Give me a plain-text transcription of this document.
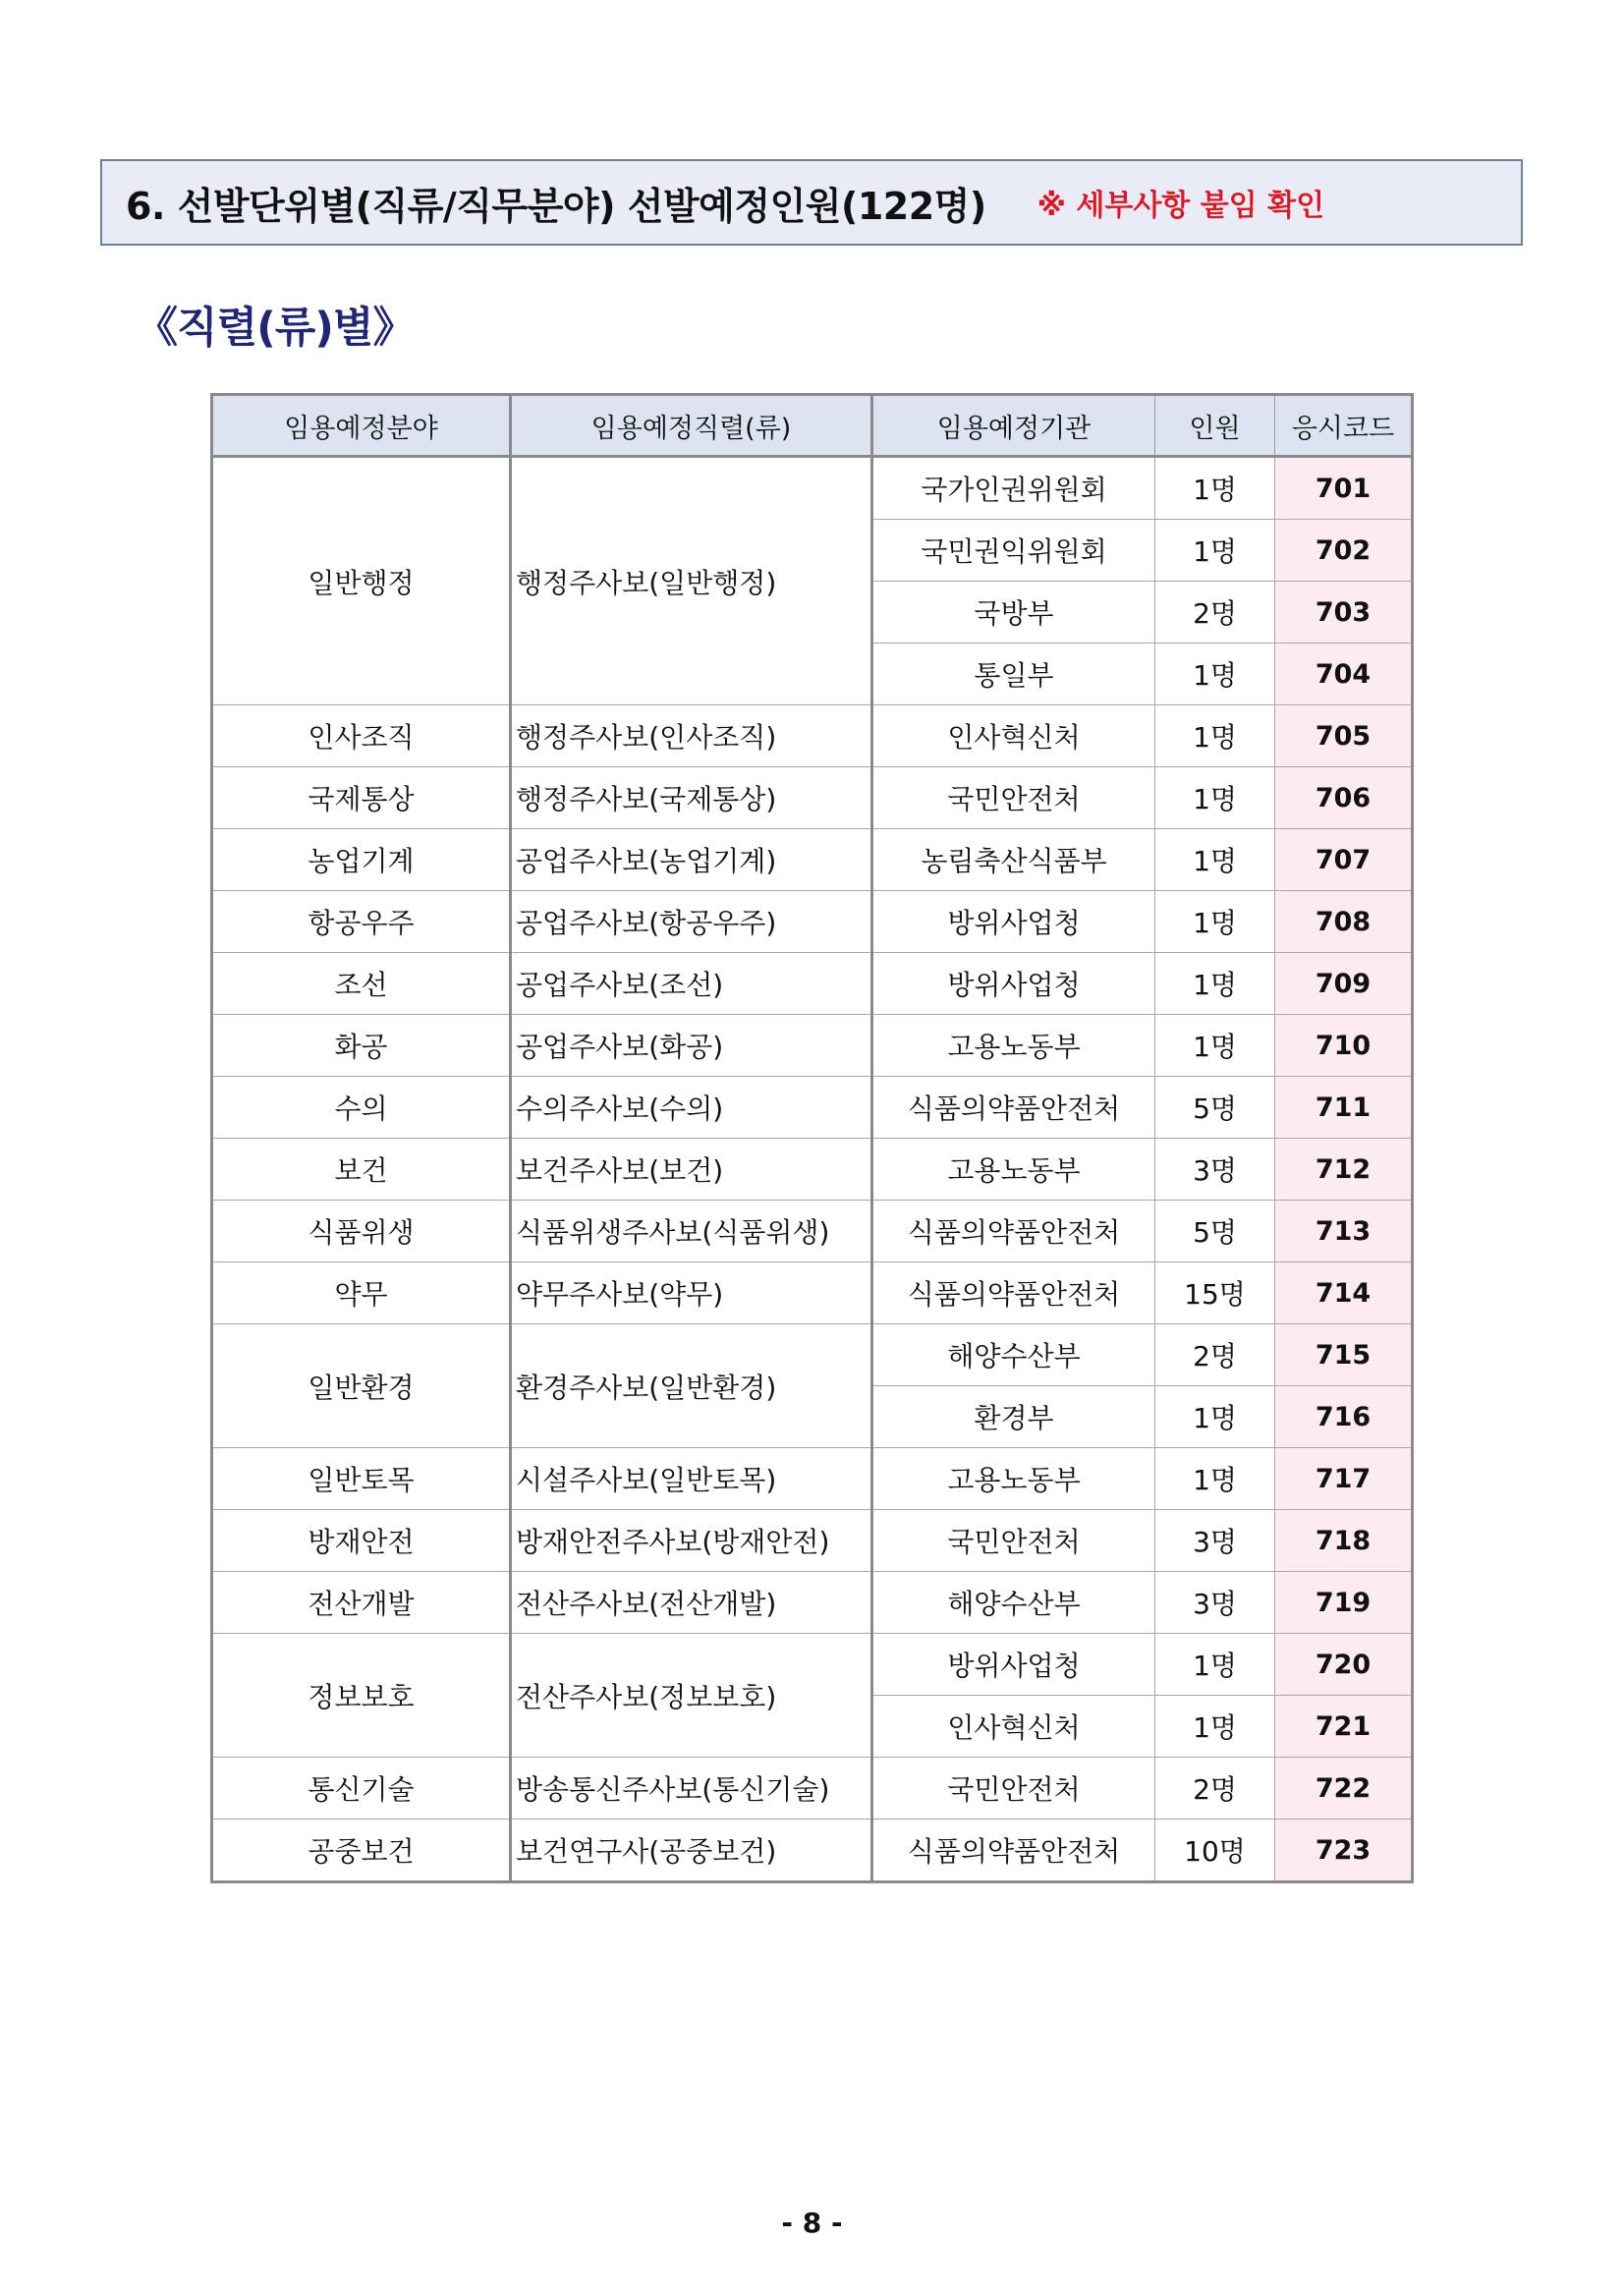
6. 선발단위별(직류/직무분야) 선발예정인원(122명) ※ 세부사항 붙임 확인
《직렬(류)별》
임용예정분야	임용예정직렬(류)	임용예정기관	인원	응시코드
일반행정	행정주사보(일반행정)	국가인권위원회	1명	701
		국민권익위원회	1명	702
		국방부	2명	703
		통일부	1명	704
인사조직	행정주사보(인사조직)	인사혁신처	1명	705
국제통상	행정주사보(국제통상)	국민안전처	1명	706
농업기계	공업주사보(농업기계)	농림축산식품부	1명	707
항공우주	공업주사보(항공우주)	방위사업청	1명	708
조선	공업주사보(조선)	방위사업청	1명	709
화공	공업주사보(화공)	고용노동부	1명	710
수의	수의주사보(수의)	식품의약품안전처	5명	711
보건	보건주사보(보건)	고용노동부	3명	712
식품위생	식품위생주사보(식품위생)	식품의약품안전처	5명	713
약무	약무주사보(약무)	식품의약품안전처	15명	714
일반환경	환경주사보(일반환경)	해양수산부	2명	715
		환경부	1명	716
일반토목	시설주사보(일반토목)	고용노동부	1명	717
방재안전	방재안전주사보(방재안전)	국민안전처	3명	718
전산개발	전산주사보(전산개발)	해양수산부	3명	719
정보보호	전산주사보(정보보호)	방위사업청	1명	720
		인사혁신처	1명	721
통신기술	방송통신주사보(통신기술)	국민안전처	2명	722
공중보건	보건연구사(공중보건)	식품의약품안전처	10명	723
- 8 -
